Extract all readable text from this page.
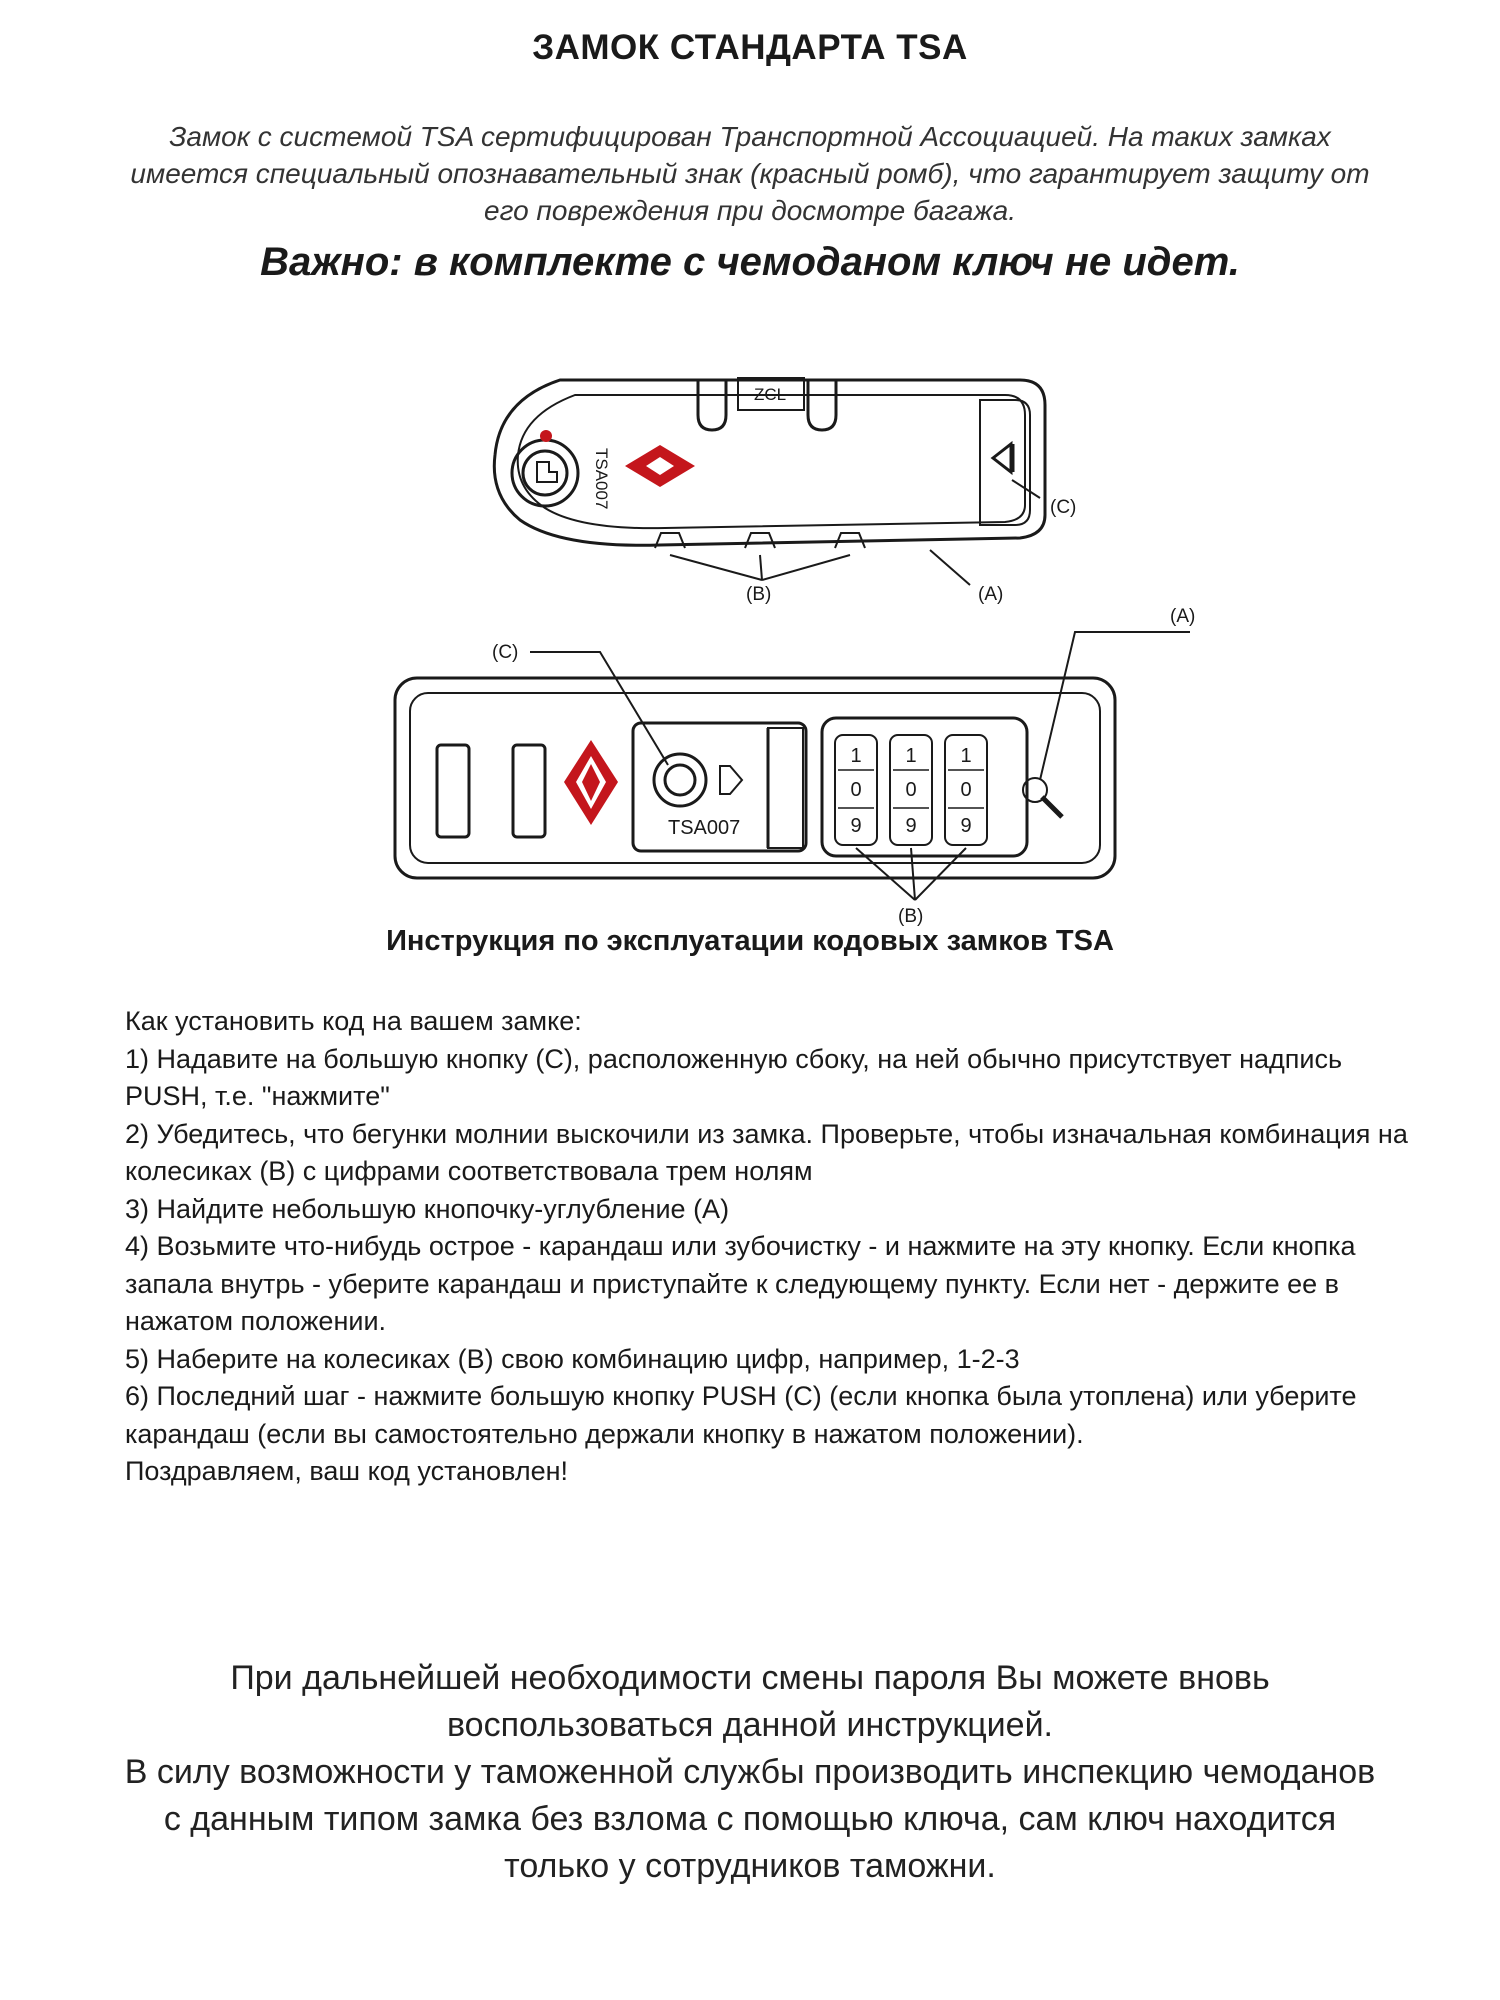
ЗАМОК СТАНДАРТА TSA
Замок с системой TSA сертифицирован Транспортной Ассоциацией. На таких замках имеется специальный опознавательный знак (красный ромб), что гарантирует защиту от его повреждения при досмотре багажа.
Важно: в комплекте с чемоданом ключ не идет.
ZCL
TSA007	(C)
(B)	(A)
TSA007
1
0
9
1
0
9
1
0
9
(C)
(A)
(B)
Инструкция по эксплуатации кодовых замков TSA

Как установить код на вашем замке:

1) Надавите на большую кнопку (С), расположенную сбоку, на ней обычно присутствует надпись PUSH, т.е. "нажмите"

2) Убедитесь, что бегунки молнии выскочили из замка. Проверьте, чтобы изначальная комбинация на колесиках (В) с цифрами соответствовала трем нолям

3) Найдите небольшую кнопочку-углубление (А)

4) Возьмите что-нибудь острое - карандаш или зубочистку - и нажмите на эту кнопку. Если кнопка запала внутрь - уберите карандаш и приступайте к следующему пункту. Если нет - держите ее в нажатом положении.

5) Наберите на колесиках (В) свою комбинацию цифр, например, 1-2-3

6) Последний шаг - нажмите большую кнопку PUSH (С) (если кнопка была утоплена) или уберите карандаш (если вы самостоятельно держали кнопку в нажатом положении).

Поздравляем, ваш код установлен!

При дальнейшей необходимости смены пароля Вы можете вновь воспользоваться данной инструкцией.

В силу возможности у таможенной службы производить инспекцию чемоданов с данным типом замка без взлома с помощью ключа, сам ключ находится только у сотрудников таможни.
